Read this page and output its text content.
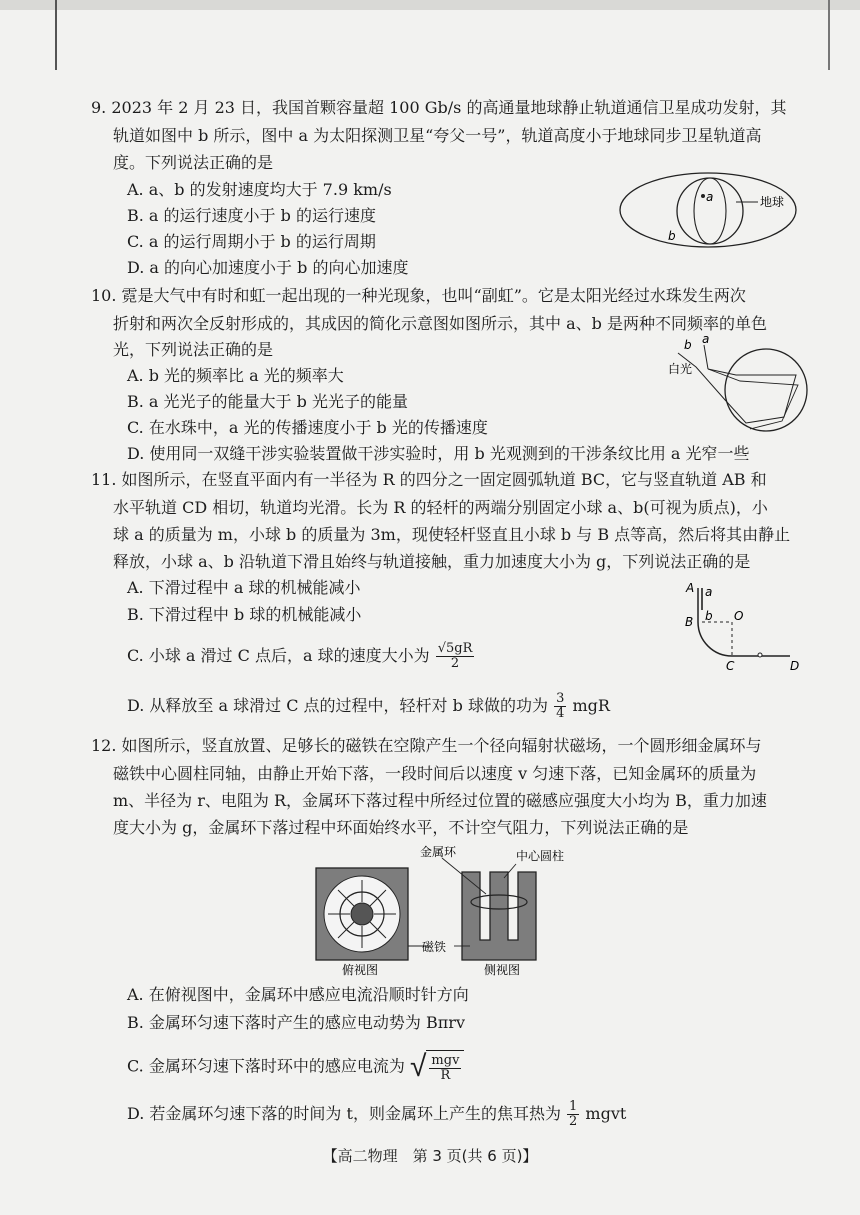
9. 2023 年 2 月 23 日，我国首颗容量超 100 Gb/s 的高通量地球静止轨道通信卫星成功发射，其
轨道如图中 b 所示，图中 a 为太阳探测卫星“夸父一号”，轨道高度小于地球同步卫星轨道高
度。下列说法正确的是
A. a、b 的发射速度均大于 7.9 km/s
B. a 的运行速度小于 b 的运行速度
C. a 的运行周期小于 b 的运行周期
D. a 的向心加速度小于 b 的向心加速度
a
b
地球
10. 霓是大气中有时和虹一起出现的一种光现象，也叫“副虹”。它是太阳光经过水珠发生两次
折射和两次全反射形成的，其成因的简化示意图如图所示，其中 a、b 是两种不同频率的单色
光，下列说法正确的是
A. b 光的频率比 a 光的频率大
B. a 光光子的能量大于 b 光光子的能量
C. 在水珠中，a 光的传播速度小于 b 光的传播速度
D. 使用同一双缝干涉实验装置做干涉实验时，用 b 光观测到的干涉条纹比用 a 光窄一些
b a
白光
11. 如图所示，在竖直平面内有一半径为 R 的四分之一固定圆弧轨道 BC，它与竖直轨道 AB 和
水平轨道 CD 相切，轨道均光滑。长为 R 的轻杆的两端分别固定小球 a、b(可视为质点)，小
球 a 的质量为 m，小球 b 的质量为 3m，现使轻杆竖直且小球 b 与 B 点等高，然后将其由静止
释放，小球 a、b 沿轨道下滑且始终与轨道接触，重力加速度大小为 g，下列说法正确的是
A. 下滑过程中 a 球的机械能减小
B. 下滑过程中 b 球的机械能减小
C. 小球 a 滑过 C 点后，a 球的速度大小为 $\frac{√5gR}{2}$
D. 从释放至 a 球滑过 C 点的过程中，轻杆对 b 球做的功为 $\frac{3}{4}$ mgR
A a
B b O
C	D
12. 如图所示，竖直放置、足够长的磁铁在空隙产生一个径向辐射状磁场，一个圆形细金属环与
磁铁中心圆柱同轴，由静止开始下落，一段时间后以速度 v 匀速下落，已知金属环的质量为
m、半径为 r、电阻为 R，金属环下落过程中所经过位置的磁感应强度大小均为 B，重力加速
度大小为 g，金属环下落过程中环面始终水平，不计空气阻力，下列说法正确的是
金属环	中心圆柱
磁铁
俯视图	侧视图
A. 在俯视图中，金属环中感应电流沿顺时针方向
B. 金属环匀速下落时产生的感应电动势为 Bπrv
C. 金属环匀速下落时环中的感应电流为 √ $\frac{\text{mgv}}{R}$
D. 若金属环匀速下落的时间为 t，则金属环上产生的焦耳热为 $\frac{1}{2}$ mgvt
【高二物理　第 3 页(共 6 页)】
